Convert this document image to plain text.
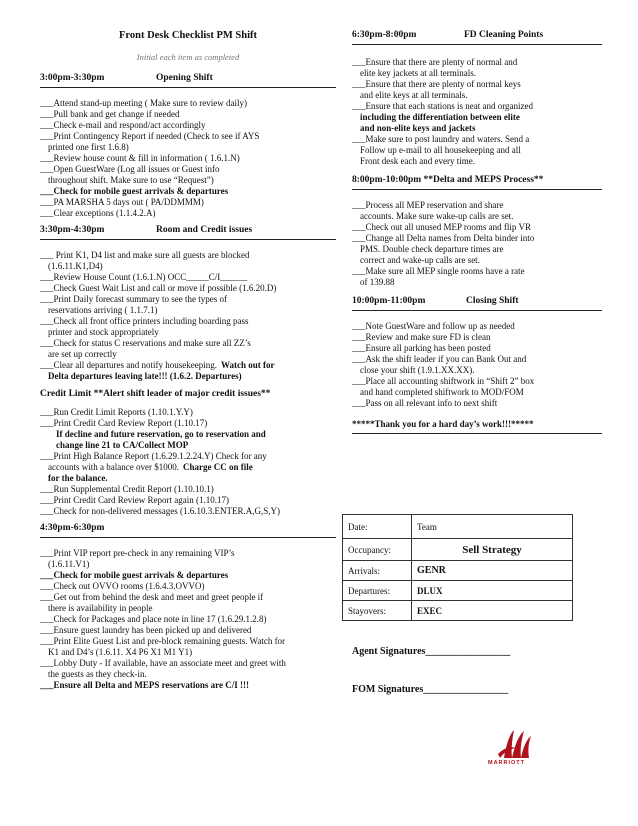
Front Desk Checklist PM Shift
Initial each item as completed
3:00pm-3:30pm	Opening Shift
___Attend stand-up meeting ( Make sure to review daily)
___Pull bank and get change if needed
___Check e-mail and respond/act accordingly
___Print Contingency Report if needed (Check to see if AYS
printed one first 1.6.8)
___Review house count & fill in information ( 1.6.1.N)
___Open GuestWare (Log all issues or Guest info
throughout shift. Make sure to use “Request”)
___Check for mobile guest arrivals & departures
___PA MARSHA 5 days out ( PA/DDMMM)
___Clear exceptions (1.1.4.2.A)
3:30pm-4:30pm	Room and Credit issues
___ Print K1, D4 list and make sure all guests are blocked
(1.6.11.K1,D4)
___Review House Count (1.6.1.N) OCC_____C/I______
___Check Guest Wait List and call or move if possible (1.6.20.D)
___Print Daily forecast summary to see the types of
reservations arriving ( 1.1.7.1)
___Check all front office printers including boarding pass
printer and stock appropriately
___Check for status C reservations and make sure all ZZ’s
are set up correctly
___Clear all departures and notify housekeeping. Watch out for

Delta departures leaving late!!! (1.6.2. Departures)
Credit Limit **Alert shift leader of major credit issues**
___Run Credit Limit Reports (1.10.1.Y.Y)
___Print Credit Card Review Report (1.10.17)
If decline and future reservation, go to reservation and
change line 21 to CA/Collect MOP
___Print High Balance Report (1.6.29.1.2.24.Y) Check for any
accounts with a balance over $1000. Charge CC on file

for the balance.
___Run Supplemental Credit Report (1.10.10.1)
___Print Credit Card Review Report again (1.10.17)
___Check for non-delivered messages (1.6.10.3.ENTER.A,G,S,Y)
4:30pm-6:30pm
___Print VIP report pre-check in any remaining VIP’s
(1.6.11.V1)
___Check for mobile guest arrivals & departures
___Check out OVVO rooms (1.6.4.3.OVVO)
___Get out from behind the desk and meet and greet people if
there is availability in people
___Check for Packages and place note in line 17 (1.6.29.1.2.8)
___Ensure guest laundry has been picked up and delivered
___Print Elite Guest List and pre-block remaining guests. Watch for
K1 and D4’s (1.6.11. X4 P6 X1 M1 Y1)
___Lobby Duty - If available, have an associate meet and greet with
the guests as they check-in.
___Ensure all Delta and MEPS reservations are C/I !!!
6:30pm-8:00pm	FD Cleaning Points
___Ensure that there are plenty of normal and
elite key jackets at all terminals.
___Ensure that there are plenty of normal keys
and elite keys at all terminals.
___Ensure that each stations is neat and organized
including the differentiation between elite
and non-elite keys and jackets
___Make sure to post laundry and waters. Send a
Follow up e-mail to all housekeeping and all
Front desk each and every time.
8:00pm-10:00pm **Delta and MEPS Process**
___Process all MEP reservation and share
accounts. Make sure wake-up calls are set.
___Check out all unused MEP rooms and flip VR
___Change all Delta names from Delta binder into
PMS. Double check departure times are
correct and wake-up calls are set.
___Make sure all MEP single rooms have a rate
of 139.88
10:00pm-11:00pm	Closing Shift
___Note GuestWare and follow up as needed
___Review and make sure FD is clean
___Ensure all parking has been posted
___Ask the shift leader if you can Bank Out and
close your shift (1.9.1.XX.XX).
___Place all accounting shiftwork in “Shift 2” box
and hand completed shiftwork to MOD/FOM
___Pass on all relevant info to next shift
*****Thank you for a hard day’s work!!!*****
Date:	Team
Occupancy:	Sell Strategy
Arrivals:	GENR
Departures:	DLUX
Stayovers:	EXEC
Agent Signatures_________________
FOM Signatures_________________
MARRIOTT
